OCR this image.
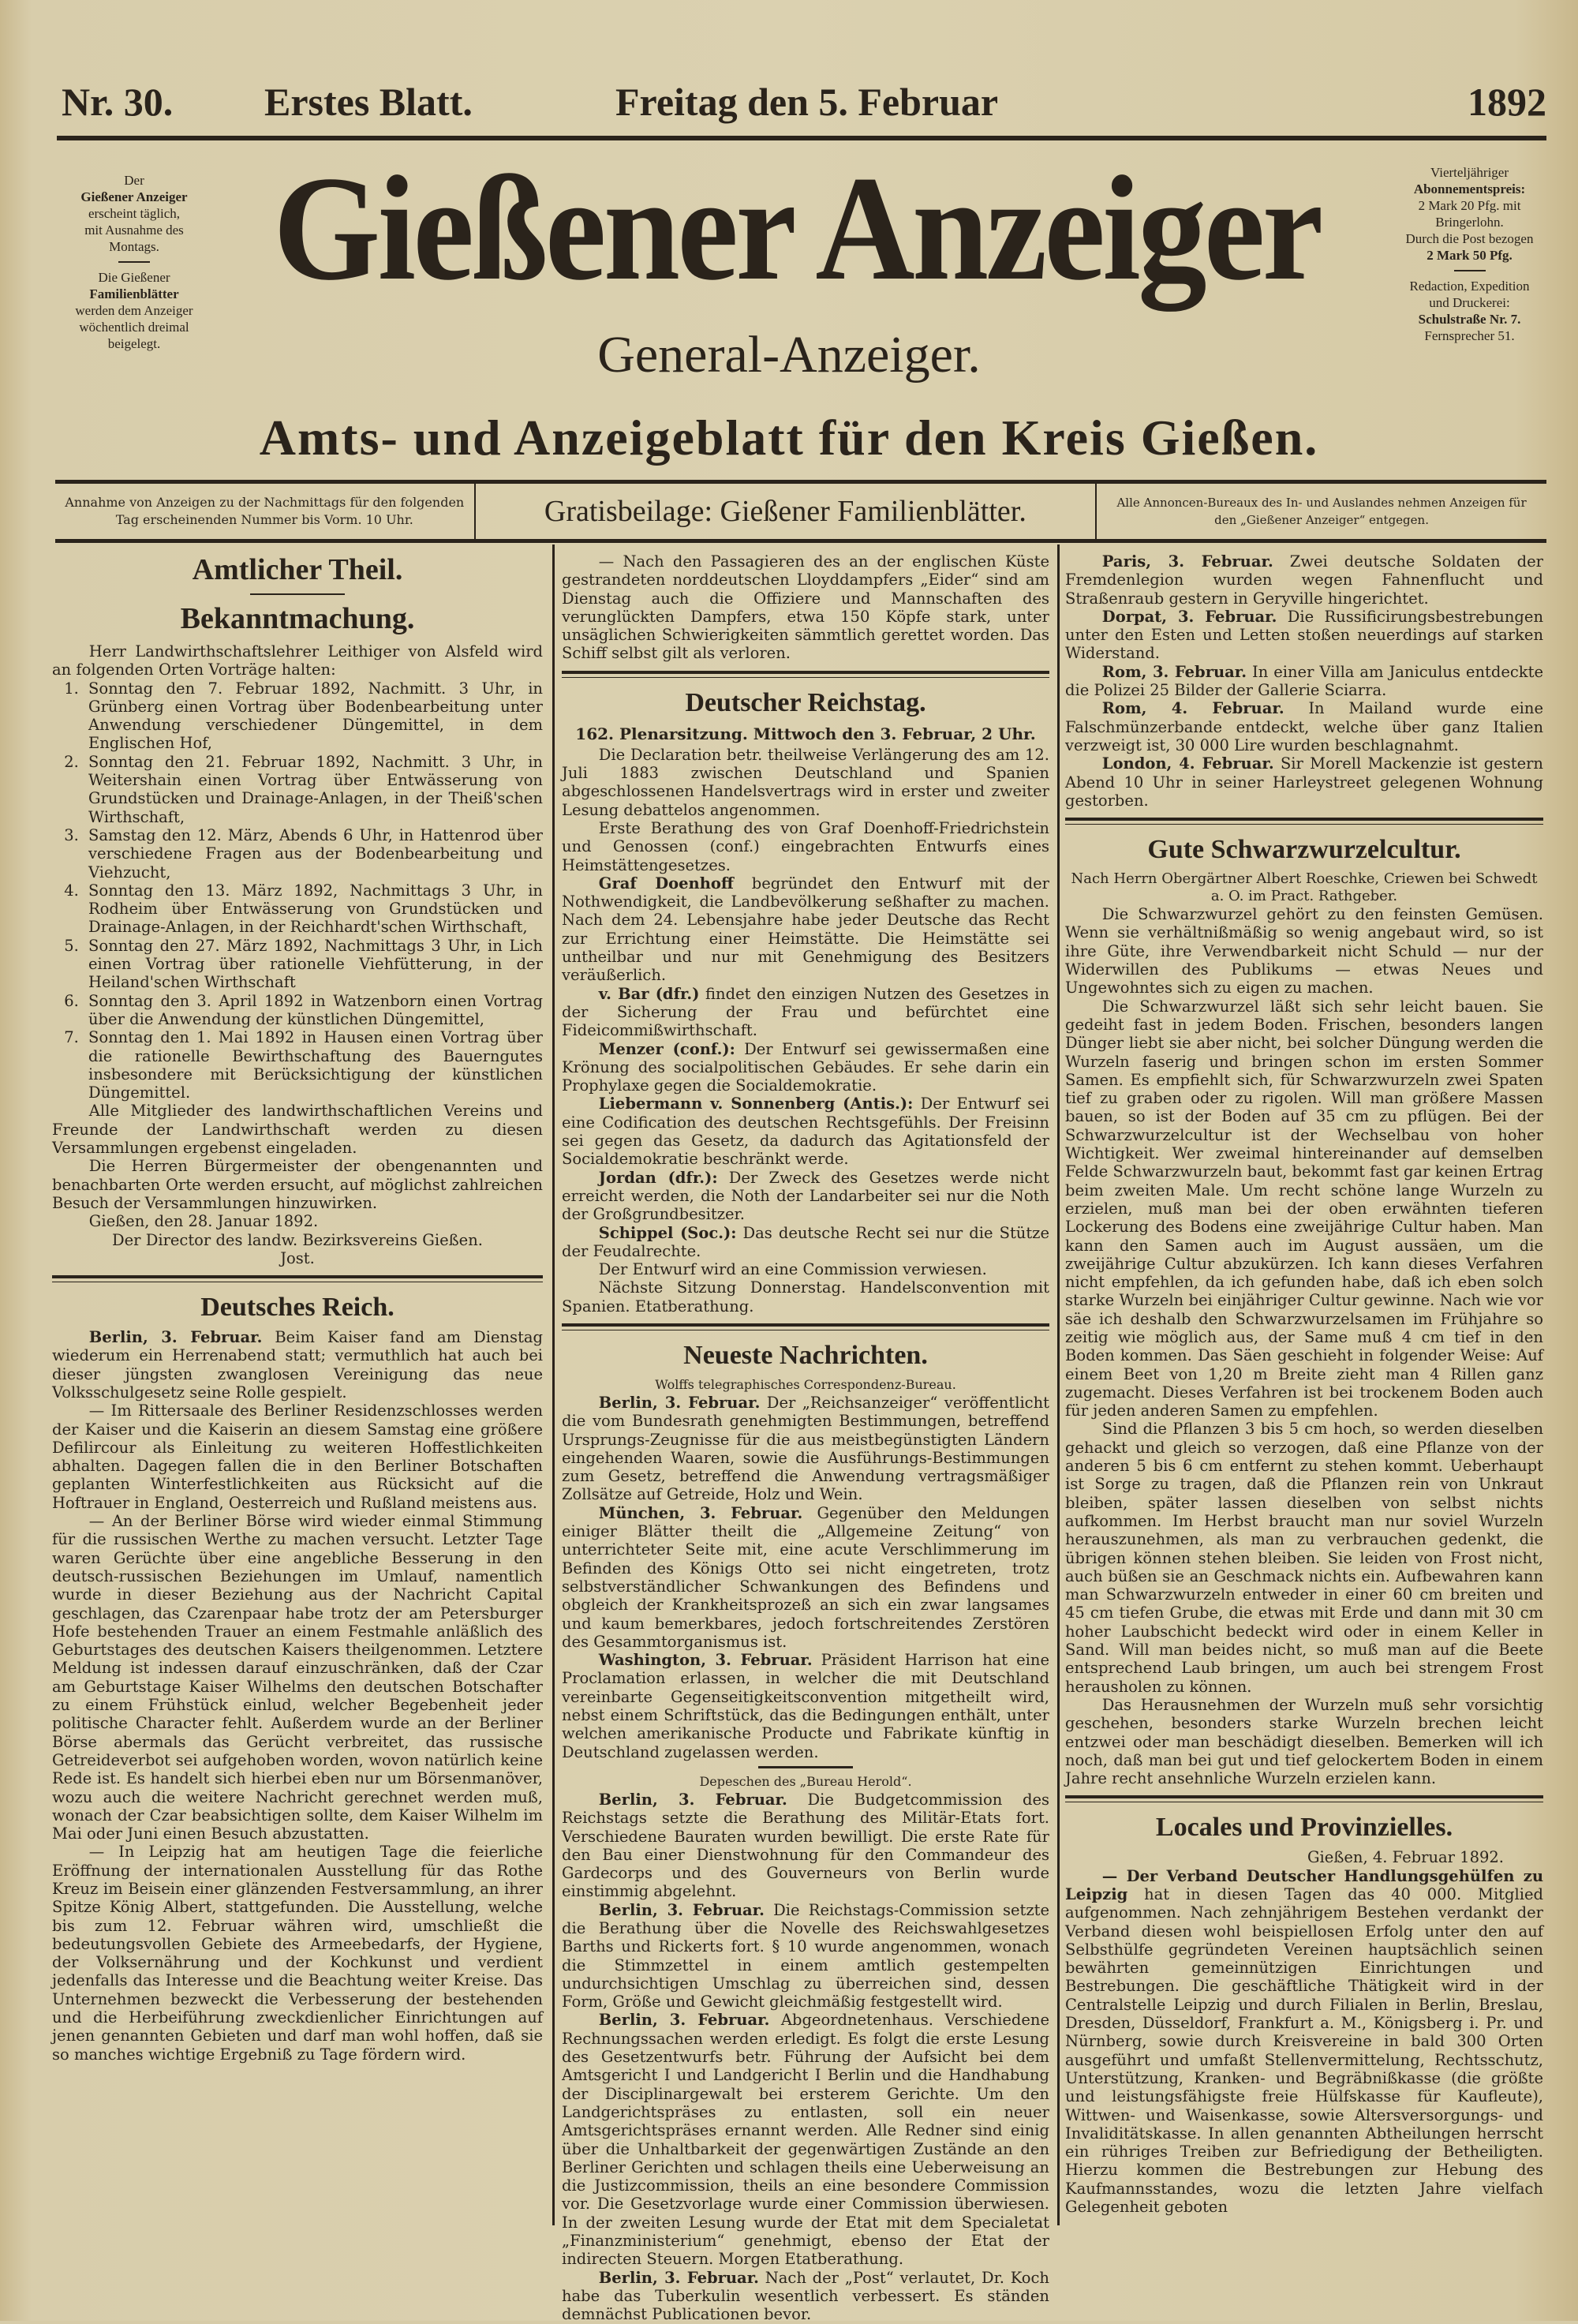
Nr. 30. Erstes Blatt.	Freitag den 5. Februar	1892
Der
Gießener Anzeiger
erscheint täglich,
mit Ausnahme des
Montags.
Die Gießener
Familienblätter
werden dem Anzeiger
wöchentlich dreimal
beigelegt.
Vierteljähriger
Abonnementspreis:
2 Mark 20 Pfg. mit
Bringerlohn.
Durch die Post bezogen
2 Mark 50 Pfg.
Redaction, Expedition
und Druckerei:
Schulstraße Nr. 7.
Fernsprecher 51.
Gießener Anzeiger
General-Anzeiger.
Amts- und Anzeigeblatt für den Kreis Gießen.
Annahme von Anzeigen zu der Nachmittags für den folgenden Tag erscheinenden Nummer bis Vorm. 10 Uhr.	Gratisbeilage: Gießener Familienblätter.	Alle Annoncen-Bureaux des In- und Auslandes nehmen Anzeigen für den „Gießener Anzeiger“ entgegen.
Amtlicher Theil.
Bekanntmachung.

Herr Landwirthschaftslehrer Leithiger von Alsfeld wird an folgenden Orten Vorträge halten:

1. Sonntag den 7. Februar 1892, Nachmitt. 3 Uhr, in Grünberg einen Vortrag über Bodenbearbeitung unter Anwendung verschiedener Düngemittel, in dem Englischen Hof,
2. Sonntag den 21. Februar 1892, Nachmitt. 3 Uhr, in Weitershain einen Vortrag über Entwässerung von Grundstücken und Drainage-Anlagen, in der Theiß'schen Wirthschaft,
3. Samstag den 12. März, Abends 6 Uhr, in Hattenrod über verschiedene Fragen aus der Bodenbearbeitung und Viehzucht,
4. Sonntag den 13. März 1892, Nachmittags 3 Uhr, in Rodheim über Entwässerung von Grundstücken und Drainage-Anlagen, in der Reichhardt'schen Wirthschaft,
5. Sonntag den 27. März 1892, Nachmittags 3 Uhr, in Lich einen Vortrag über rationelle Viehfütterung, in der Heiland'schen Wirthschaft
6. Sonntag den 3. April 1892 in Watzenborn einen Vortrag über die Anwendung der künstlichen Düngemittel,
7. Sonntag den 1. Mai 1892 in Hausen einen Vortrag über die rationelle Bewirthschaftung des Bauerngutes insbesondere mit Berücksichtigung der künstlichen Düngemittel.

Alle Mitglieder des landwirthschaftlichen Vereins und Freunde der Landwirthschaft werden zu diesen Versammlungen ergebenst eingeladen.

Die Herren Bürgermeister der obengenannten und benachbarten Orte werden ersucht, auf möglichst zahlreichen Besuch der Versammlungen hinzuwirken.

Gießen, den 28. Januar 1892.

Der Director des landw. Bezirksvereins Gießen.

Jost.

Deutsches Reich.

Berlin, 3. Februar. Beim Kaiser fand am Dienstag wiederum ein Herrenabend statt; vermuthlich hat auch bei dieser jüngsten zwanglosen Vereinigung das neue Volksschulgesetz seine Rolle gespielt.

— Im Rittersaale des Berliner Residenzschlosses werden der Kaiser und die Kaiserin an diesem Samstag eine größere Defilircour als Einleitung zu weiteren Hoffestlichkeiten abhalten. Dagegen fallen die in den Berliner Botschaften geplanten Winterfestlichkeiten aus Rücksicht auf die Hoftrauer in England, Oesterreich und Rußland meistens aus.

— An der Berliner Börse wird wieder einmal Stimmung für die russischen Werthe zu machen versucht. Letzter Tage waren Gerüchte über eine angebliche Besserung in den deutsch-russischen Beziehungen im Umlauf, namentlich wurde in dieser Beziehung aus der Nachricht Capital geschlagen, das Czarenpaar habe trotz der am Petersburger Hofe bestehenden Trauer an einem Festmahle anläßlich des Geburtstages des deutschen Kaisers theilgenommen. Letztere Meldung ist indessen darauf einzuschränken, daß der Czar am Geburtstage Kaiser Wilhelms den deutschen Botschafter zu einem Frühstück einlud, welcher Begebenheit jeder politische Character fehlt. Außerdem wurde an der Berliner Börse abermals das Gerücht verbreitet, das russische Getreideverbot sei aufgehoben worden, wovon natürlich keine Rede ist. Es handelt sich hierbei eben nur um Börsenmanöver, wozu auch die weitere Nachricht gerechnet werden muß, wonach der Czar beabsichtigen sollte, dem Kaiser Wilhelm im Mai oder Juni einen Besuch abzustatten.

— In Leipzig hat am heutigen Tage die feierliche Eröffnung der internationalen Ausstellung für das Rothe Kreuz im Beisein einer glänzenden Festversammlung, an ihrer Spitze König Albert, stattgefunden. Die Ausstellung, welche bis zum 12. Februar währen wird, umschließt die bedeutungsvollen Gebiete des Armeebedarfs, der Hygiene, der Volksernährung und der Kochkunst und verdient jedenfalls das Interesse und die Beachtung weiter Kreise. Das Unternehmen bezweckt die Verbesserung der bestehenden und die Herbeiführung zweckdienlicher Einrichtungen auf jenen genannten Gebieten und darf man wohl hoffen, daß sie so manches wichtige Ergebniß zu Tage fördern wird.

— Nach den Passagieren des an der englischen Küste gestrandeten norddeutschen Lloyddampfers „Eider“ sind am Dienstag auch die Offiziere und Mannschaften des verunglückten Dampfers, etwa 150 Köpfe stark, unter unsäglichen Schwierigkeiten sämmtlich gerettet worden. Das Schiff selbst gilt als verloren.

Deutscher Reichstag.
162. Plenarsitzung. Mittwoch den 3. Februar, 2 Uhr.

Die Declaration betr. theilweise Verlängerung des am 12. Juli 1883 zwischen Deutschland und Spanien abgeschlossenen Handelsvertrags wird in erster und zweiter Lesung debattelos angenommen.

Erste Berathung des von Graf Doenhoff-Friedrichstein und Genossen (conf.) eingebrachten Entwurfs eines Heimstättengesetzes.

Graf Doenhoff begründet den Entwurf mit der Nothwendigkeit, die Landbevölkerung seßhafter zu machen. Nach dem 24. Lebensjahre habe jeder Deutsche das Recht zur Errichtung einer Heimstätte. Die Heimstätte sei untheilbar und nur mit Genehmigung des Besitzers veräußerlich.

v. Bar (dfr.) findet den einzigen Nutzen des Gesetzes in der Sicherung der Frau und befürchtet eine Fideicommißwirthschaft.

Menzer (conf.): Der Entwurf sei gewissermaßen eine Krönung des socialpolitischen Gebäudes. Er sehe darin ein Prophylaxe gegen die Socialdemokratie.

Liebermann v. Sonnenberg (Antis.): Der Entwurf sei eine Codification des deutschen Rechtsgefühls. Der Freisinn sei gegen das Gesetz, da dadurch das Agitationsfeld der Socialdemokratie beschränkt werde.

Jordan (dfr.): Der Zweck des Gesetzes werde nicht erreicht werden, die Noth der Landarbeiter sei nur die Noth der Großgrundbesitzer.

Schippel (Soc.): Das deutsche Recht sei nur die Stütze der Feudalrechte.

Der Entwurf wird an eine Commission verwiesen.

Nächste Sitzung Donnerstag. Handelsconvention mit Spanien. Etatberathung.

Neueste Nachrichten.
Wolffs telegraphisches Correspondenz-Bureau.

Berlin, 3. Februar. Der „Reichsanzeiger“ veröffentlicht die vom Bundesrath genehmigten Bestimmungen, betreffend Ursprungs-Zeugnisse für die aus meistbegünstigten Ländern eingehenden Waaren, sowie die Ausführungs-Bestimmungen zum Gesetz, betreffend die Anwendung vertragsmäßiger Zollsätze auf Getreide, Holz und Wein.

München, 3. Februar. Gegenüber den Meldungen einiger Blätter theilt die „Allgemeine Zeitung“ von unterrichteter Seite mit, eine acute Verschlimmerung im Befinden des Königs Otto sei nicht eingetreten, trotz selbstverständlicher Schwankungen des Befindens und obgleich der Krankheitsprozeß an sich ein zwar langsames und kaum bemerkbares, jedoch fortschreitendes Zerstören des Gesammtorganismus ist.

Washington, 3. Februar. Präsident Harrison hat eine Proclamation erlassen, in welcher die mit Deutschland vereinbarte Gegenseitigkeitsconvention mitgetheilt wird, nebst einem Schriftstück, das die Bedingungen enthält, unter welchen amerikanische Producte und Fabrikate künftig in Deutschland zugelassen werden.

Depeschen des „Bureau Herold“.

Berlin, 3. Februar. Die Budgetcommission des Reichstags setzte die Berathung des Militär-Etats fort. Verschiedene Bauraten wurden bewilligt. Die erste Rate für den Bau einer Dienstwohnung für den Commandeur des Gardecorps und des Gouverneurs von Berlin wurde einstimmig abgelehnt.

Berlin, 3. Februar. Die Reichstags-Commission setzte die Berathung über die Novelle des Reichswahlgesetzes Barths und Rickerts fort. § 10 wurde angenommen, wonach die Stimmzettel in einem amtlich gestempelten undurchsichtigen Umschlag zu überreichen sind, dessen Form, Größe und Gewicht gleichmäßig festgestellt wird.

Berlin, 3. Februar. Abgeordnetenhaus. Verschiedene Rechnungssachen werden erledigt. Es folgt die erste Lesung des Gesetzentwurfs betr. Führung der Aufsicht bei dem Amtsgericht I und Landgericht I Berlin und die Handhabung der Disciplinargewalt bei ersterem Gerichte. Um den Landgerichtspräses zu entlasten, soll ein neuer Amtsgerichtspräses ernannt werden. Alle Redner sind einig über die Unhaltbarkeit der gegenwärtigen Zustände an den Berliner Gerichten und schlagen theils eine Ueberweisung an die Justizcommission, theils an eine besondere Commission vor. Die Gesetzvorlage wurde einer Commission überwiesen. In der zweiten Lesung wurde der Etat mit dem Specialetat „Finanzministerium“ genehmigt, ebenso der Etat der indirecten Steuern. Morgen Etatberathung.

Berlin, 3. Februar. Nach der „Post“ verlautet, Dr. Koch habe das Tuberkulin wesentlich verbessert. Es ständen demnächst Publicationen bevor.

Paris, 3. Februar. Zwei deutsche Soldaten der Fremdenlegion wurden wegen Fahnenflucht und Straßenraub gestern in Geryville hingerichtet.

Dorpat, 3. Februar. Die Russificirungsbestrebungen unter den Esten und Letten stoßen neuerdings auf starken Widerstand.

Rom, 3. Februar. In einer Villa am Janiculus entdeckte die Polizei 25 Bilder der Gallerie Sciarra.

Rom, 4. Februar. In Mailand wurde eine Falschmünzerbande entdeckt, welche über ganz Italien verzweigt ist, 30 000 Lire wurden beschlagnahmt.

London, 4. Februar. Sir Morell Mackenzie ist gestern Abend 10 Uhr in seiner Harleystreet gelegenen Wohnung gestorben.

Gute Schwarzwurzelcultur.
Nach Herrn Obergärtner Albert Roeschke, Criewen bei Schwedt a. O. im Pract. Rathgeber.

Die Schwarzwurzel gehört zu den feinsten Gemüsen. Wenn sie verhältnißmäßig so wenig angebaut wird, so ist ihre Güte, ihre Verwendbarkeit nicht Schuld — nur der Widerwillen des Publikums — etwas Neues und Ungewohntes sich zu eigen zu machen.

Die Schwarzwurzel läßt sich sehr leicht bauen. Sie gedeiht fast in jedem Boden. Frischen, besonders langen Dünger liebt sie aber nicht, bei solcher Düngung werden die Wurzeln faserig und bringen schon im ersten Sommer Samen. Es empfiehlt sich, für Schwarzwurzeln zwei Spaten tief zu graben oder zu rigolen. Will man größere Massen bauen, so ist der Boden auf 35 cm zu pflügen. Bei der Schwarzwurzelcultur ist der Wechselbau von hoher Wichtigkeit. Wer zweimal hintereinander auf demselben Felde Schwarzwurzeln baut, bekommt fast gar keinen Ertrag beim zweiten Male. Um recht schöne lange Wurzeln zu erzielen, muß man bei der oben erwähnten tieferen Lockerung des Bodens eine zweijährige Cultur haben. Man kann den Samen auch im August aussäen, um die zweijährige Cultur abzukürzen. Ich kann dieses Verfahren nicht empfehlen, da ich gefunden habe, daß ich eben solch starke Wurzeln bei einjähriger Cultur gewinne. Nach wie vor säe ich deshalb den Schwarzwurzelsamen im Frühjahre so zeitig wie möglich aus, der Same muß 4 cm tief in den Boden kommen. Das Säen geschieht in folgender Weise: Auf einem Beet von 1,20 m Breite zieht man 4 Rillen ganz zugemacht. Dieses Verfahren ist bei trockenem Boden auch für jeden anderen Samen zu empfehlen.

Sind die Pflanzen 3 bis 5 cm hoch, so werden dieselben gehackt und gleich so verzogen, daß eine Pflanze von der anderen 5 bis 6 cm entfernt zu stehen kommt. Ueberhaupt ist Sorge zu tragen, daß die Pflanzen rein von Unkraut bleiben, später lassen dieselben von selbst nichts aufkommen. Im Herbst braucht man nur soviel Wurzeln herauszunehmen, als man zu verbrauchen gedenkt, die übrigen können stehen bleiben. Sie leiden von Frost nicht, auch büßen sie an Geschmack nichts ein. Aufbewahren kann man Schwarzwurzeln entweder in einer 60 cm breiten und 45 cm tiefen Grube, die etwas mit Erde und dann mit 30 cm hoher Laubschicht bedeckt wird oder in einem Keller in Sand. Will man beides nicht, so muß man auf die Beete entsprechend Laub bringen, um auch bei strengem Frost herausholen zu können.

Das Herausnehmen der Wurzeln muß sehr vorsichtig geschehen, besonders starke Wurzeln brechen leicht entzwei oder man beschädigt dieselben. Bemerken will ich noch, daß man bei gut und tief gelockertem Boden in einem Jahre recht ansehnliche Wurzeln erzielen kann.

Locales und Provinzielles.

Gießen, 4. Februar 1892.

— Der Verband Deutscher Handlungsgehülfen zu Leipzig hat in diesen Tagen das 40 000. Mitglied aufgenommen. Nach zehnjährigem Bestehen verdankt der Verband diesen wohl beispiellosen Erfolg unter den auf Selbsthülfe gegründeten Vereinen hauptsächlich seinen bewährten gemeinnützigen Einrichtungen und Bestrebungen. Die geschäftliche Thätigkeit wird in der Centralstelle Leipzig und durch Filialen in Berlin, Breslau, Dresden, Düsseldorf, Frankfurt a. M., Königsberg i. Pr. und Nürnberg, sowie durch Kreisvereine in bald 300 Orten ausgeführt und umfaßt Stellenvermittelung, Rechtsschutz, Unterstützung, Kranken- und Begräbnißkasse (die größte und leistungsfähigste freie Hülfskasse für Kaufleute), Wittwen- und Waisenkasse, sowie Altersversorgungs- und Invaliditätskasse. In allen genannten Abtheilungen herrscht ein rühriges Treiben zur Befriedigung der Betheiligten. Hierzu kommen die Bestrebungen zur Hebung des Kaufmannsstandes, wozu die letzten Jahre vielfach Gelegenheit geboten
